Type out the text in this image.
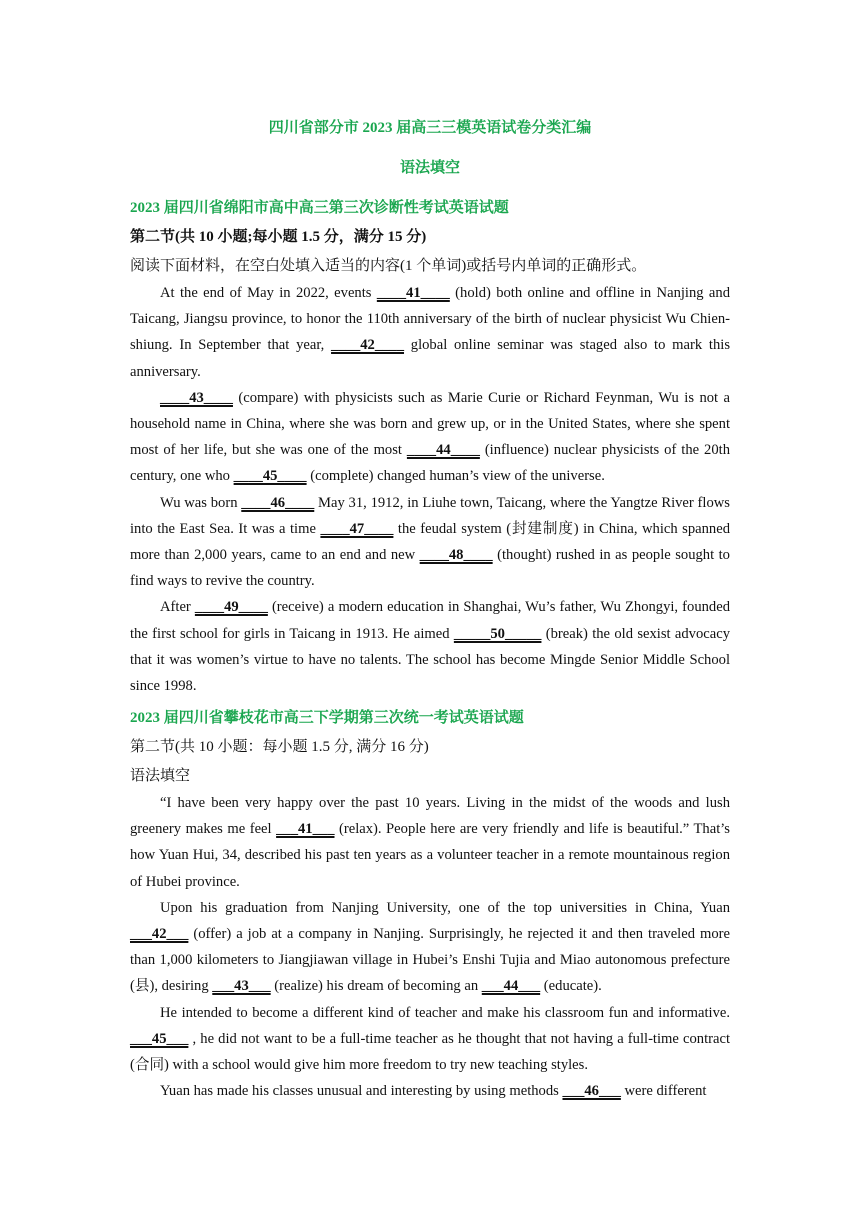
四川省部分市 2023 届高三三模英语试卷分类汇编
语法填空
2023 届四川省绵阳市高中高三第三次诊断性考试英语试题
第二节(共 10 小题;每小题 1.5 分，满分 15 分)
阅读下面材料，在空白处填入适当的内容(1 个单词)或括号内单词的正确形式。

At the end of May in 2022, events ____41____ (hold) both online and offline in Nanjing and Taicang, Jiangsu province, to honor the 110th anniversary of the birth of nuclear physicist Wu Chien-shiung. In September that year, ____42____ global online seminar was staged also to mark this anniversary.

____43____ (compare) with physicists such as Marie Curie or Richard Feynman, Wu is not a household name in China, where she was born and grew up, or in the United States, where she spent most of her life, but she was one of the most ____44____ (influence) nuclear physicists of the 20th century, one who ____45____ (complete) changed human’s view of the universe.

Wu was born ____46____ May 31, 1912, in Liuhe town, Taicang, where the Yangtze River flows into the East Sea. It was a time ____47____ the feudal system (封建制度) in China, which spanned more than 2,000 years, came to an end and new ____48____ (thought) rushed in as people sought to find ways to revive the country.

After ____49____ (receive) a modern education in Shanghai, Wu’s father, Wu Zhongyi, founded the first school for girls in Taicang in 1913. He aimed _____50_____ (break) the old sexist advocacy that it was women’s virtue to have no talents. The school has become Mingde Senior Middle School since 1998.

2023 届四川省攀枝花市高三下学期第三次统一考试英语试题
第二节(共 10 小题：每小题 1.5 分, 满分 16 分)
语法填空

“I have been very happy over the past 10 years. Living in the midst of the woods and lush greenery makes me feel ___41___ (relax). People here are very friendly and life is beautiful.” That’s how Yuan Hui, 34, described his past ten years as a volunteer teacher in a remote mountainous region of Hubei province.

Upon his graduation from Nanjing University, one of the top universities in China, Yuan ___42___ (offer) a job at a company in Nanjing. Surprisingly, he rejected it and then traveled more than 1,000 kilometers to Jiangjiawan village in Hubei’s Enshi Tujia and Miao autonomous prefecture (县), desiring ___43___ (realize) his dream of becoming an ___44___ (educate).

He intended to become a different kind of teacher and make his classroom fun and informative. ___45___ , he did not want to be a full-time teacher as he thought that not having a full-time contract (合同) with a school would give him more freedom to try new teaching styles.

Yuan has made his classes unusual and interesting by using methods ___46___ were different
